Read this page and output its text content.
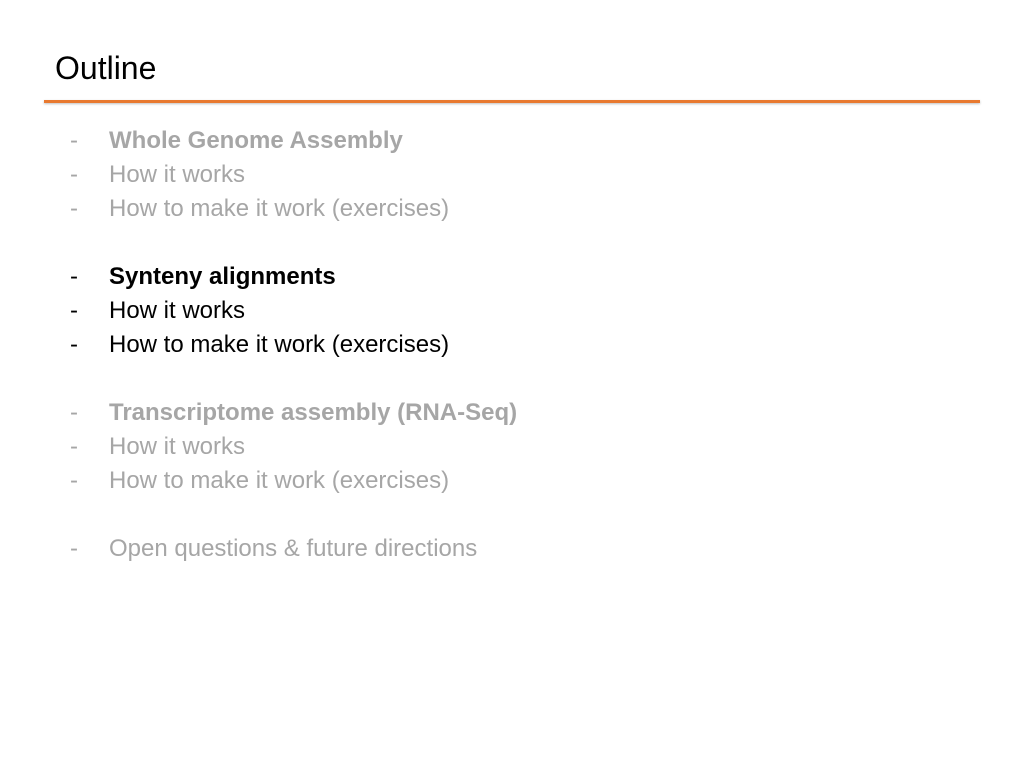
Outline
- Whole Genome Assembly
- How it works
- How to make it work (exercises)
- Synteny alignments
- How it works
- How to make it work (exercises)
- Transcriptome assembly (RNA-Seq)
- How it works
- How to make it work (exercises)
- Open questions & future directions
